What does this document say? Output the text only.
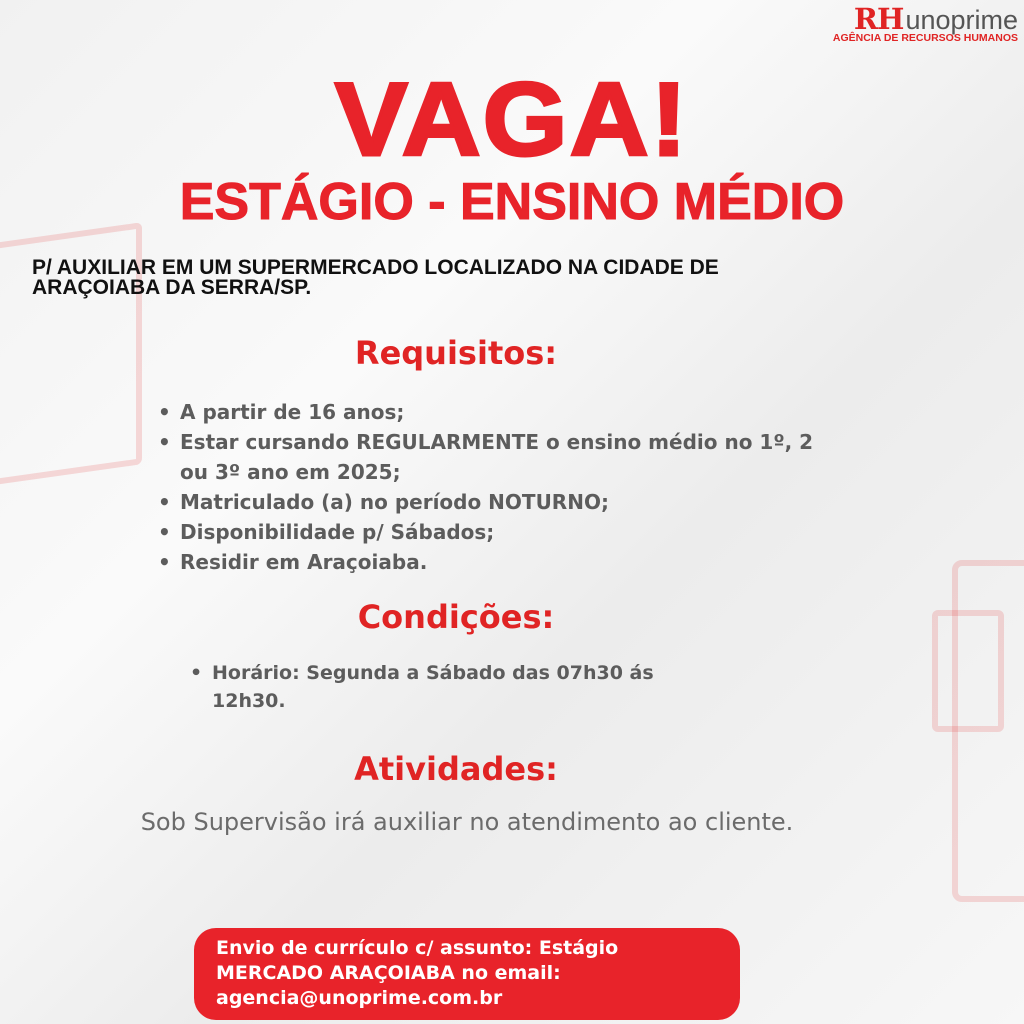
RH unoprime
AGÊNCIA DE RECURSOS HUMANOS
VAGA!
ESTÁGIO - ENSINO MÉDIO
P/ AUXILIAR EM UM SUPERMERCADO LOCALIZADO NA CIDADE DE
ARAÇOIABA DA SERRA/SP.
Requisitos:
• A partir de 16 anos;
• Estar cursando REGULARMENTE o ensino médio no 1º, 2 ou 3º ano em 2025;
• Matriculado (a) no período NOTURNO;
• Disponibilidade p/ Sábados;
• Residir em Araçoiaba.
Condições:
• Horário: Segunda a Sábado das 07h30 ás 12h30.
Atividades:
Sob Supervisão irá auxiliar no atendimento ao cliente.
Envio de currículo c/ assunto: Estágio
MERCADO ARAÇOIABA no email:
agencia@unoprime.com.br
